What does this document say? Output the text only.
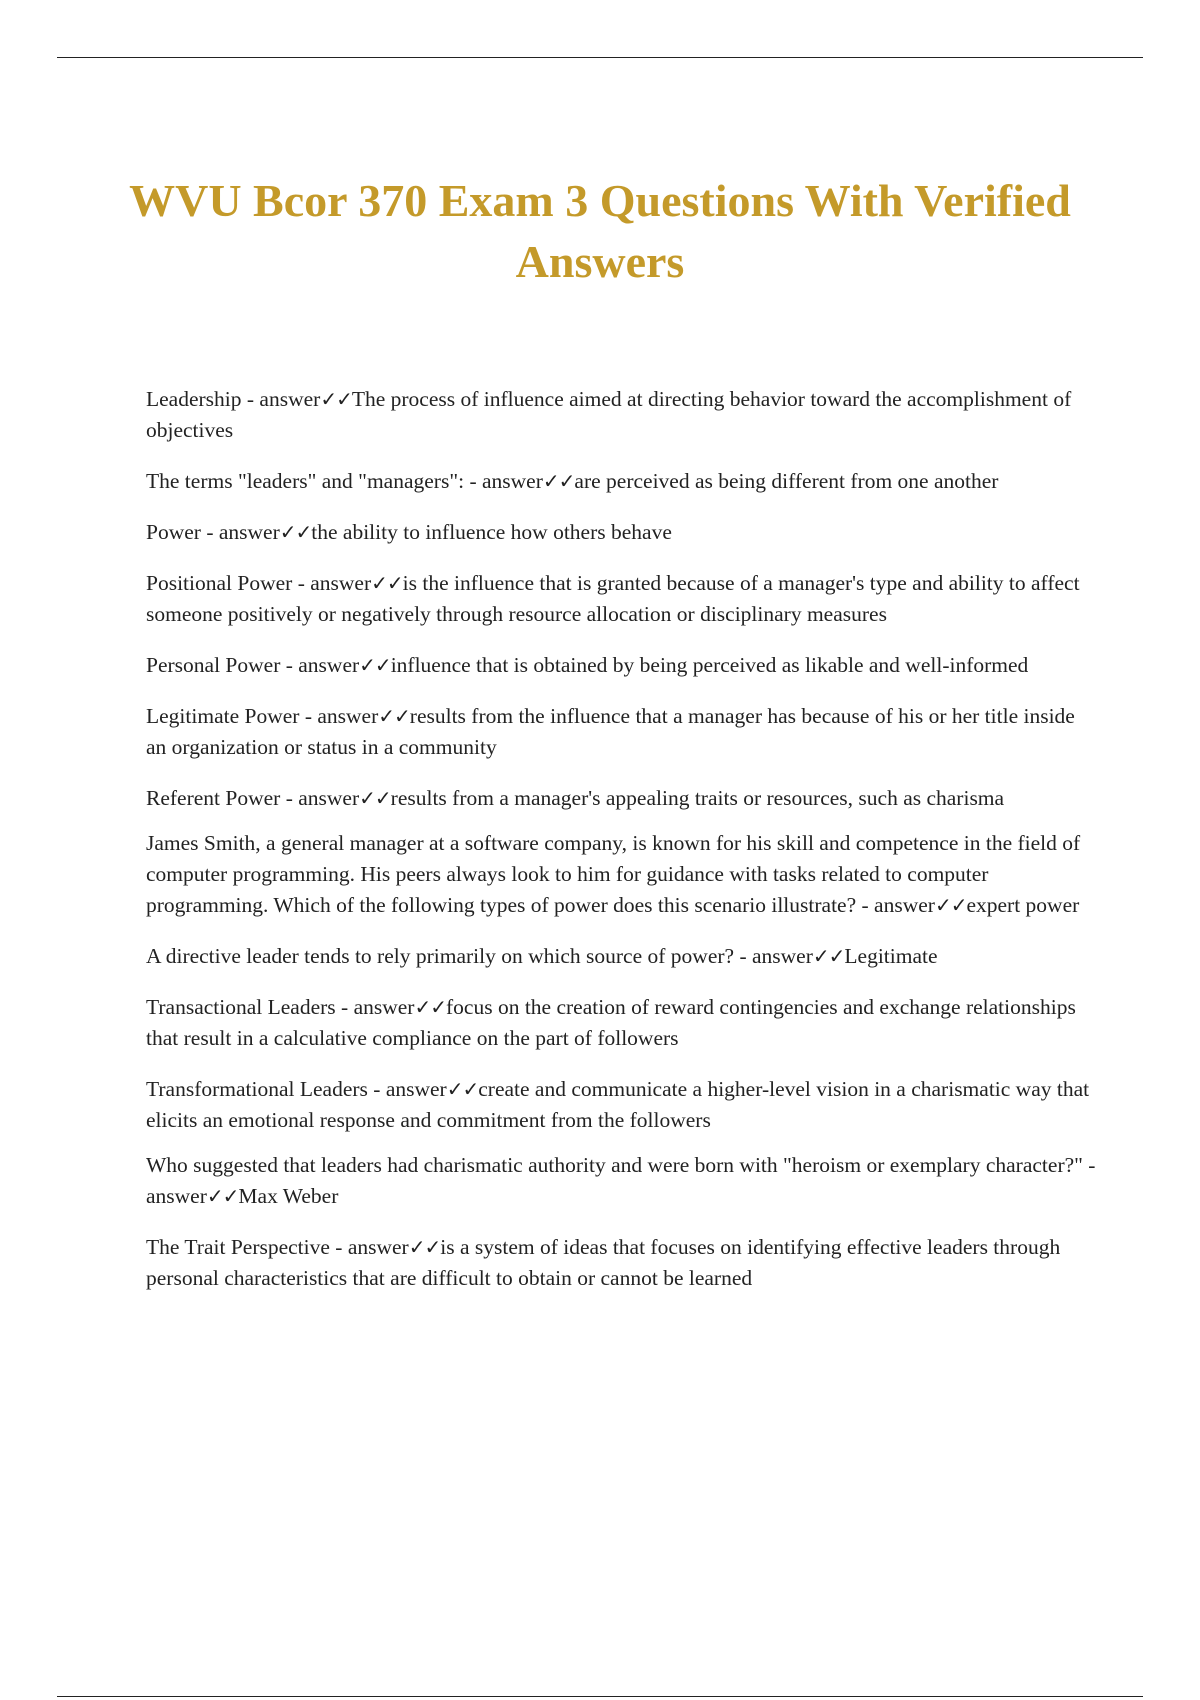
WVU Bcor 370 Exam 3 Questions With Verified Answers
Leadership - answer✓✓The process of influence aimed at directing behavior toward the accomplishment of objectives
The terms "leaders" and "managers": - answer✓✓are perceived as being different from one another
Power - answer✓✓the ability to influence how others behave
Positional Power - answer✓✓is the influence that is granted because of a manager's type and ability to affect someone positively or negatively through resource allocation or disciplinary measures
Personal Power - answer✓✓influence that is obtained by being perceived as likable and well-informed
Legitimate Power - answer✓✓results from the influence that a manager has because of his or her title inside an organization or status in a community
Referent Power - answer✓✓results from a manager's appealing traits or resources, such as charisma
James Smith, a general manager at a software company, is known for his skill and competence in the field of computer programming. His peers always look to him for guidance with tasks related to computer programming. Which of the following types of power does this scenario illustrate? - answer✓✓expert power
A directive leader tends to rely primarily on which source of power? - answer✓✓Legitimate
Transactional Leaders - answer✓✓focus on the creation of reward contingencies and exchange relationships that result in a calculative compliance on the part of followers
Transformational Leaders - answer✓✓create and communicate a higher-level vision in a charismatic way that elicits an emotional response and commitment from the followers
Who suggested that leaders had charismatic authority and were born with "heroism or exemplary character?" - answer✓✓Max Weber
The Trait Perspective - answer✓✓is a system of ideas that focuses on identifying effective leaders through personal characteristics that are difficult to obtain or cannot be learned
